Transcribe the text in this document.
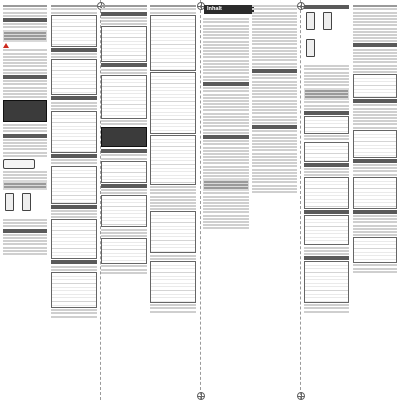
Inhalt
